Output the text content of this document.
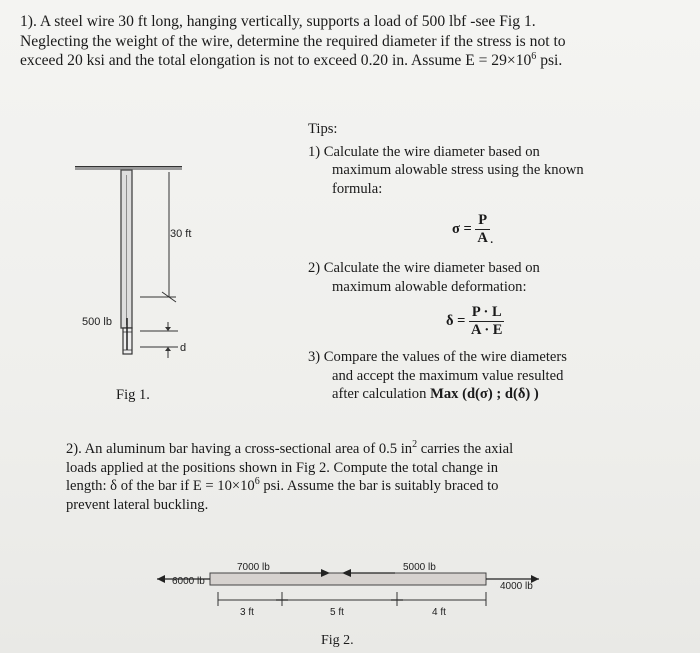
1). A steel wire 30 ft long, hanging vertically, supports a load of 500 lbf -see Fig 1.
Neglecting the weight of the wire, determine the required diameter if the stress is not to
exceed 20 ksi and the total elongation is not to exceed 0.20 in. Assume $E = 29\times 10^6$ psi.
Tips:
1) Calculate the wire diameter based on
maximum alowable stress using the known
formula:
$\sigma = \frac{P}{A}$ .
2) Calculate the wire diameter based on
maximum alowable deformation:
$\delta = \frac{P \cdot L}{A \cdot E}$
3) Compare the values of the wire diameters
and accept the maximum value resulted
after calculation Max (d(σ) ; d(δ) )
30 ft
500 lb
d
Fig 1.
2). An aluminum bar having a cross-sectional area of 0.5 $in^2$ carries the axial
loads applied at the positions shown in Fig 2. Compute the total change in
length: δ of the bar if $E = 10\times 10^6$ psi. Assume the bar is suitably braced to
prevent lateral buckling.
6000 lb
7000 lb	5000 lb
4000 lb
3 ft	5 ft	4 ft
Fig 2.
